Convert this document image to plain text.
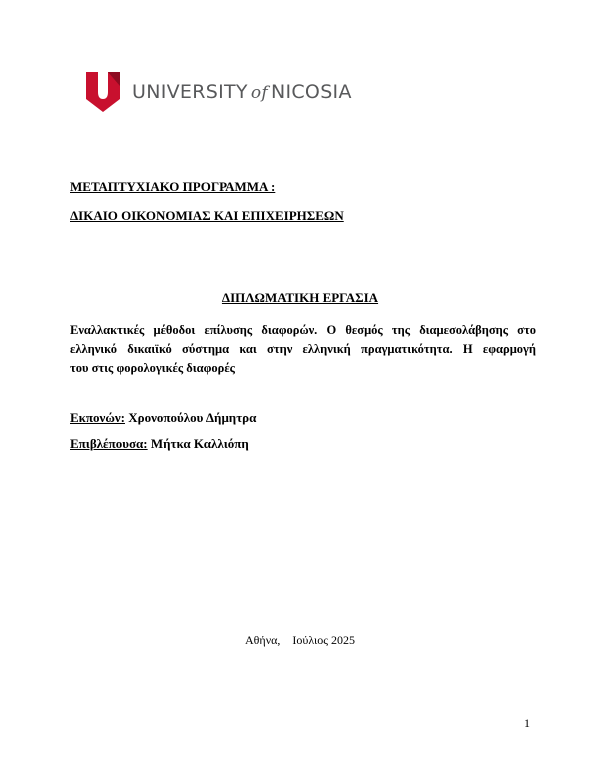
UNIVERSITY of NICOSIA
ΜΕΤΑΠΤΥΧΙΑΚΟ ΠΡΟΓΡΑΜΜΑ :
ΔΙΚΑΙΟ ΟΙΚΟΝΟΜΙΑΣ ΚΑΙ ΕΠΙΧΕΙΡΗΣΕΩΝ
ΔΙΠΛΩΜΑΤΙΚΗ ΕΡΓΑΣΙΑ
Εναλλακτικές μέθοδοι επίλυσης διαφορών. Ο θεσμός της διαμεσολάβησης στο
ελληνικό δικαιϊκό σύστημα και στην ελληνική πραγματικότητα. Η εφαρμογή
του στις φορολογικές διαφορές
Εκπονών: Χρονοπούλου Δήμητρα
Επιβλέπουσα: Μήτκα Καλλιόπη
Αθήνα, Ιούλιος 2025
1
